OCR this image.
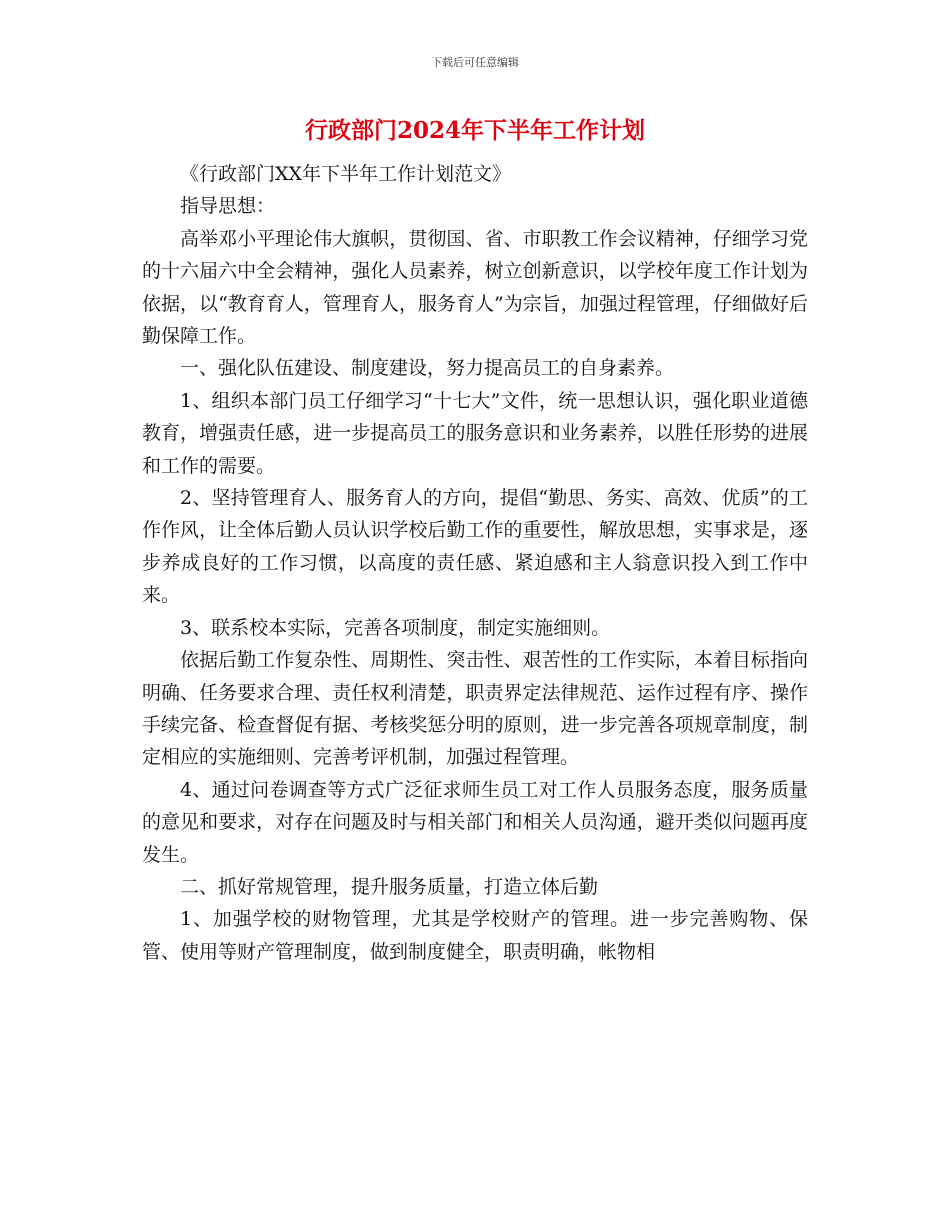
下载后可任意编辑
行政部门2024年下半年工作计划

《行政部门XX年下半年工作计划范文》

指导思想：

高举邓小平理论伟大旗帜，贯彻国、省、市职教工作会议精神，仔细学习党的十六届六中全会精神，强化人员素养，树立创新意识，以学校年度工作计划为依据，以“教育育人，管理育人，服务育人”为宗旨，加强过程管理，仔细做好后勤保障工作。

一、强化队伍建设、制度建设，努力提高员工的自身素养。

1、组织本部门员工仔细学习“十七大”文件，统一思想认识，强化职业道德教育，增强责任感，进一步提高员工的服务意识和业务素养，以胜任形势的进展和工作的需要。

2、坚持管理育人、服务育人的方向，提倡“勤思、务实、高效、优质”的工作作风，让全体后勤人员认识学校后勤工作的重要性，解放思想，实事求是，逐步养成良好的工作习惯，以高度的责任感、紧迫感和主人翁意识投入到工作中来。

3、联系校本实际，完善各项制度，制定实施细则。

依据后勤工作复杂性、周期性、突击性、艰苦性的工作实际，本着目标指向明确、任务要求合理、责任权利清楚，职责界定法律规范、运作过程有序、操作手续完备、检查督促有据、考核奖惩分明的原则，进一步完善各项规章制度，制定相应的实施细则、完善考评机制，加强过程管理。

4、通过问卷调查等方式广泛征求师生员工对工作人员服务态度，服务质量的意见和要求，对存在问题及时与相关部门和相关人员沟通，避开类似问题再度发生。

二、抓好常规管理，提升服务质量，打造立体后勤

1、加强学校的财物管理，尤其是学校财产的管理。进一步完善购物、保管、使用等财产管理制度，做到制度健全，职责明确，帐物相
